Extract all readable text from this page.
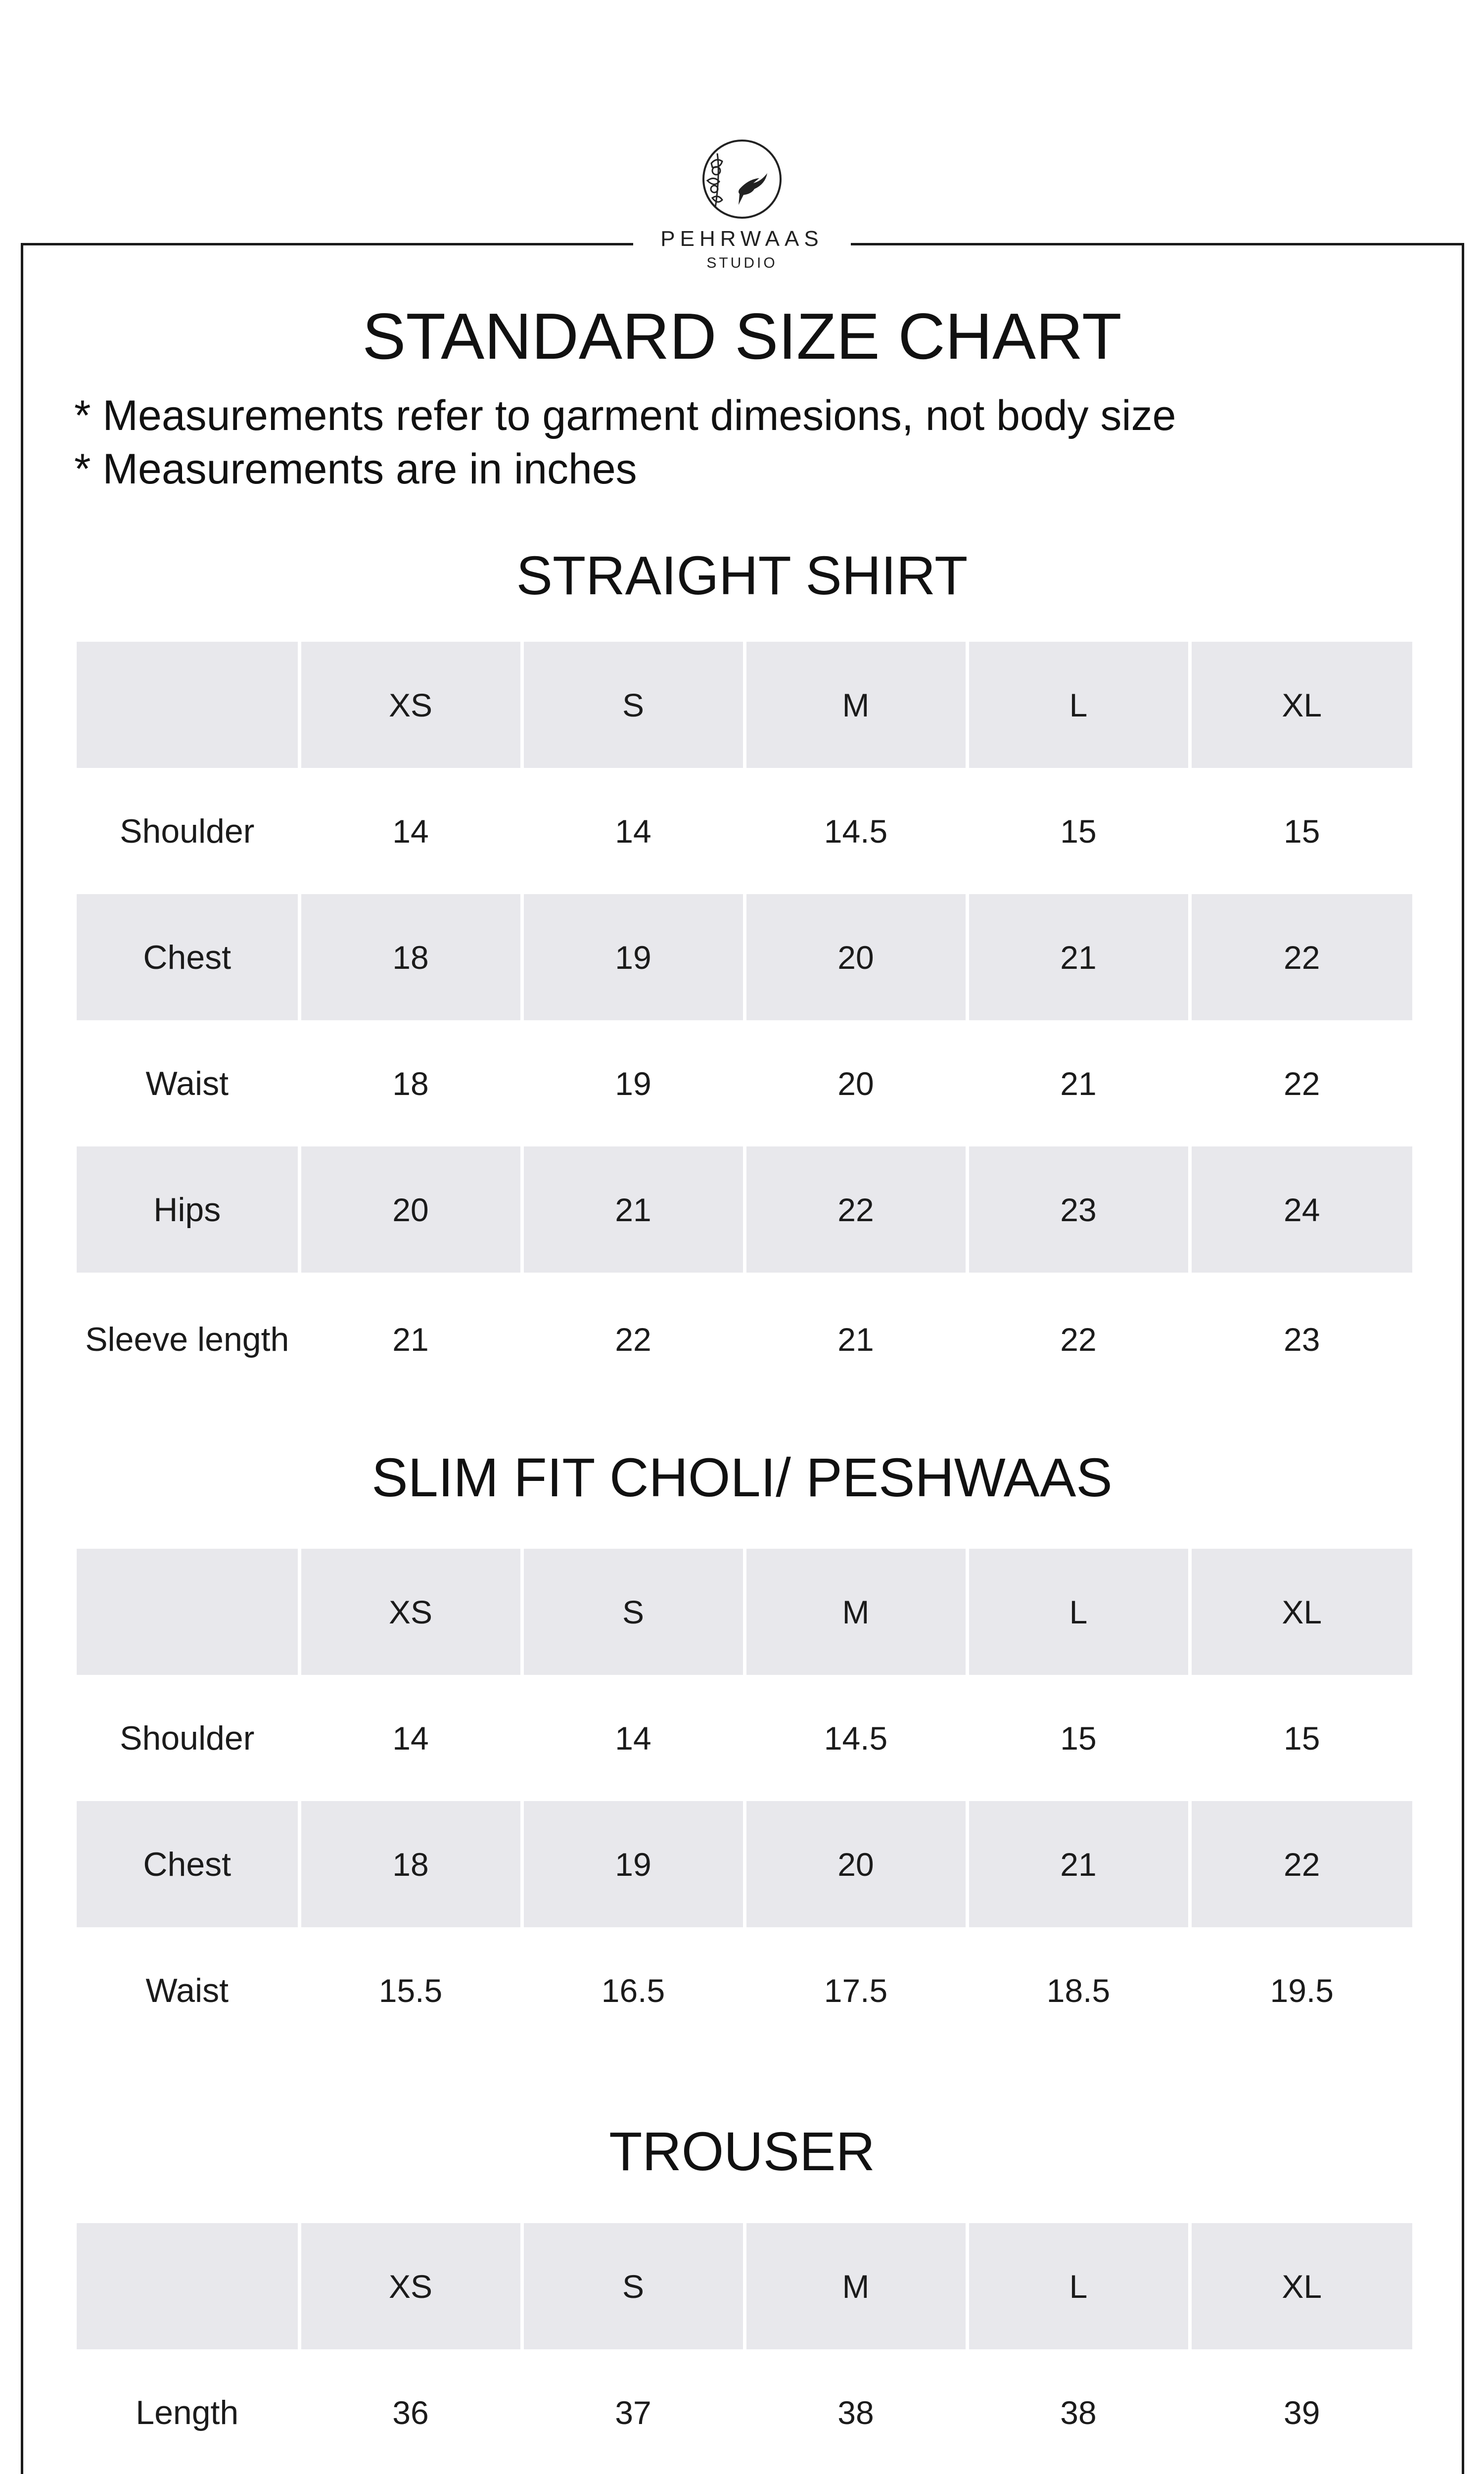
PEHRWAAS
STUDIO
STANDARD SIZE CHART
* Measurements refer to garment dimesions, not body size
* Measurements are in inches
STRAIGHT SHIRT
	XS	S	M	L	XL
Shoulder	14	14	14.5	15	15
Chest	18	19	20	21	22
Waist	18	19	20	21	22
Hips	20	21	22	23	24
Sleeve length	21	22	21	22	23
SLIM FIT CHOLI/ PESHWAAS
	XS	S	M	L	XL
Shoulder	14	14	14.5	15	15
Chest	18	19	20	21	22
Waist	15.5	16.5	17.5	18.5	19.5
TROUSER
	XS	S	M	L	XL
Length	36	37	38	38	39
